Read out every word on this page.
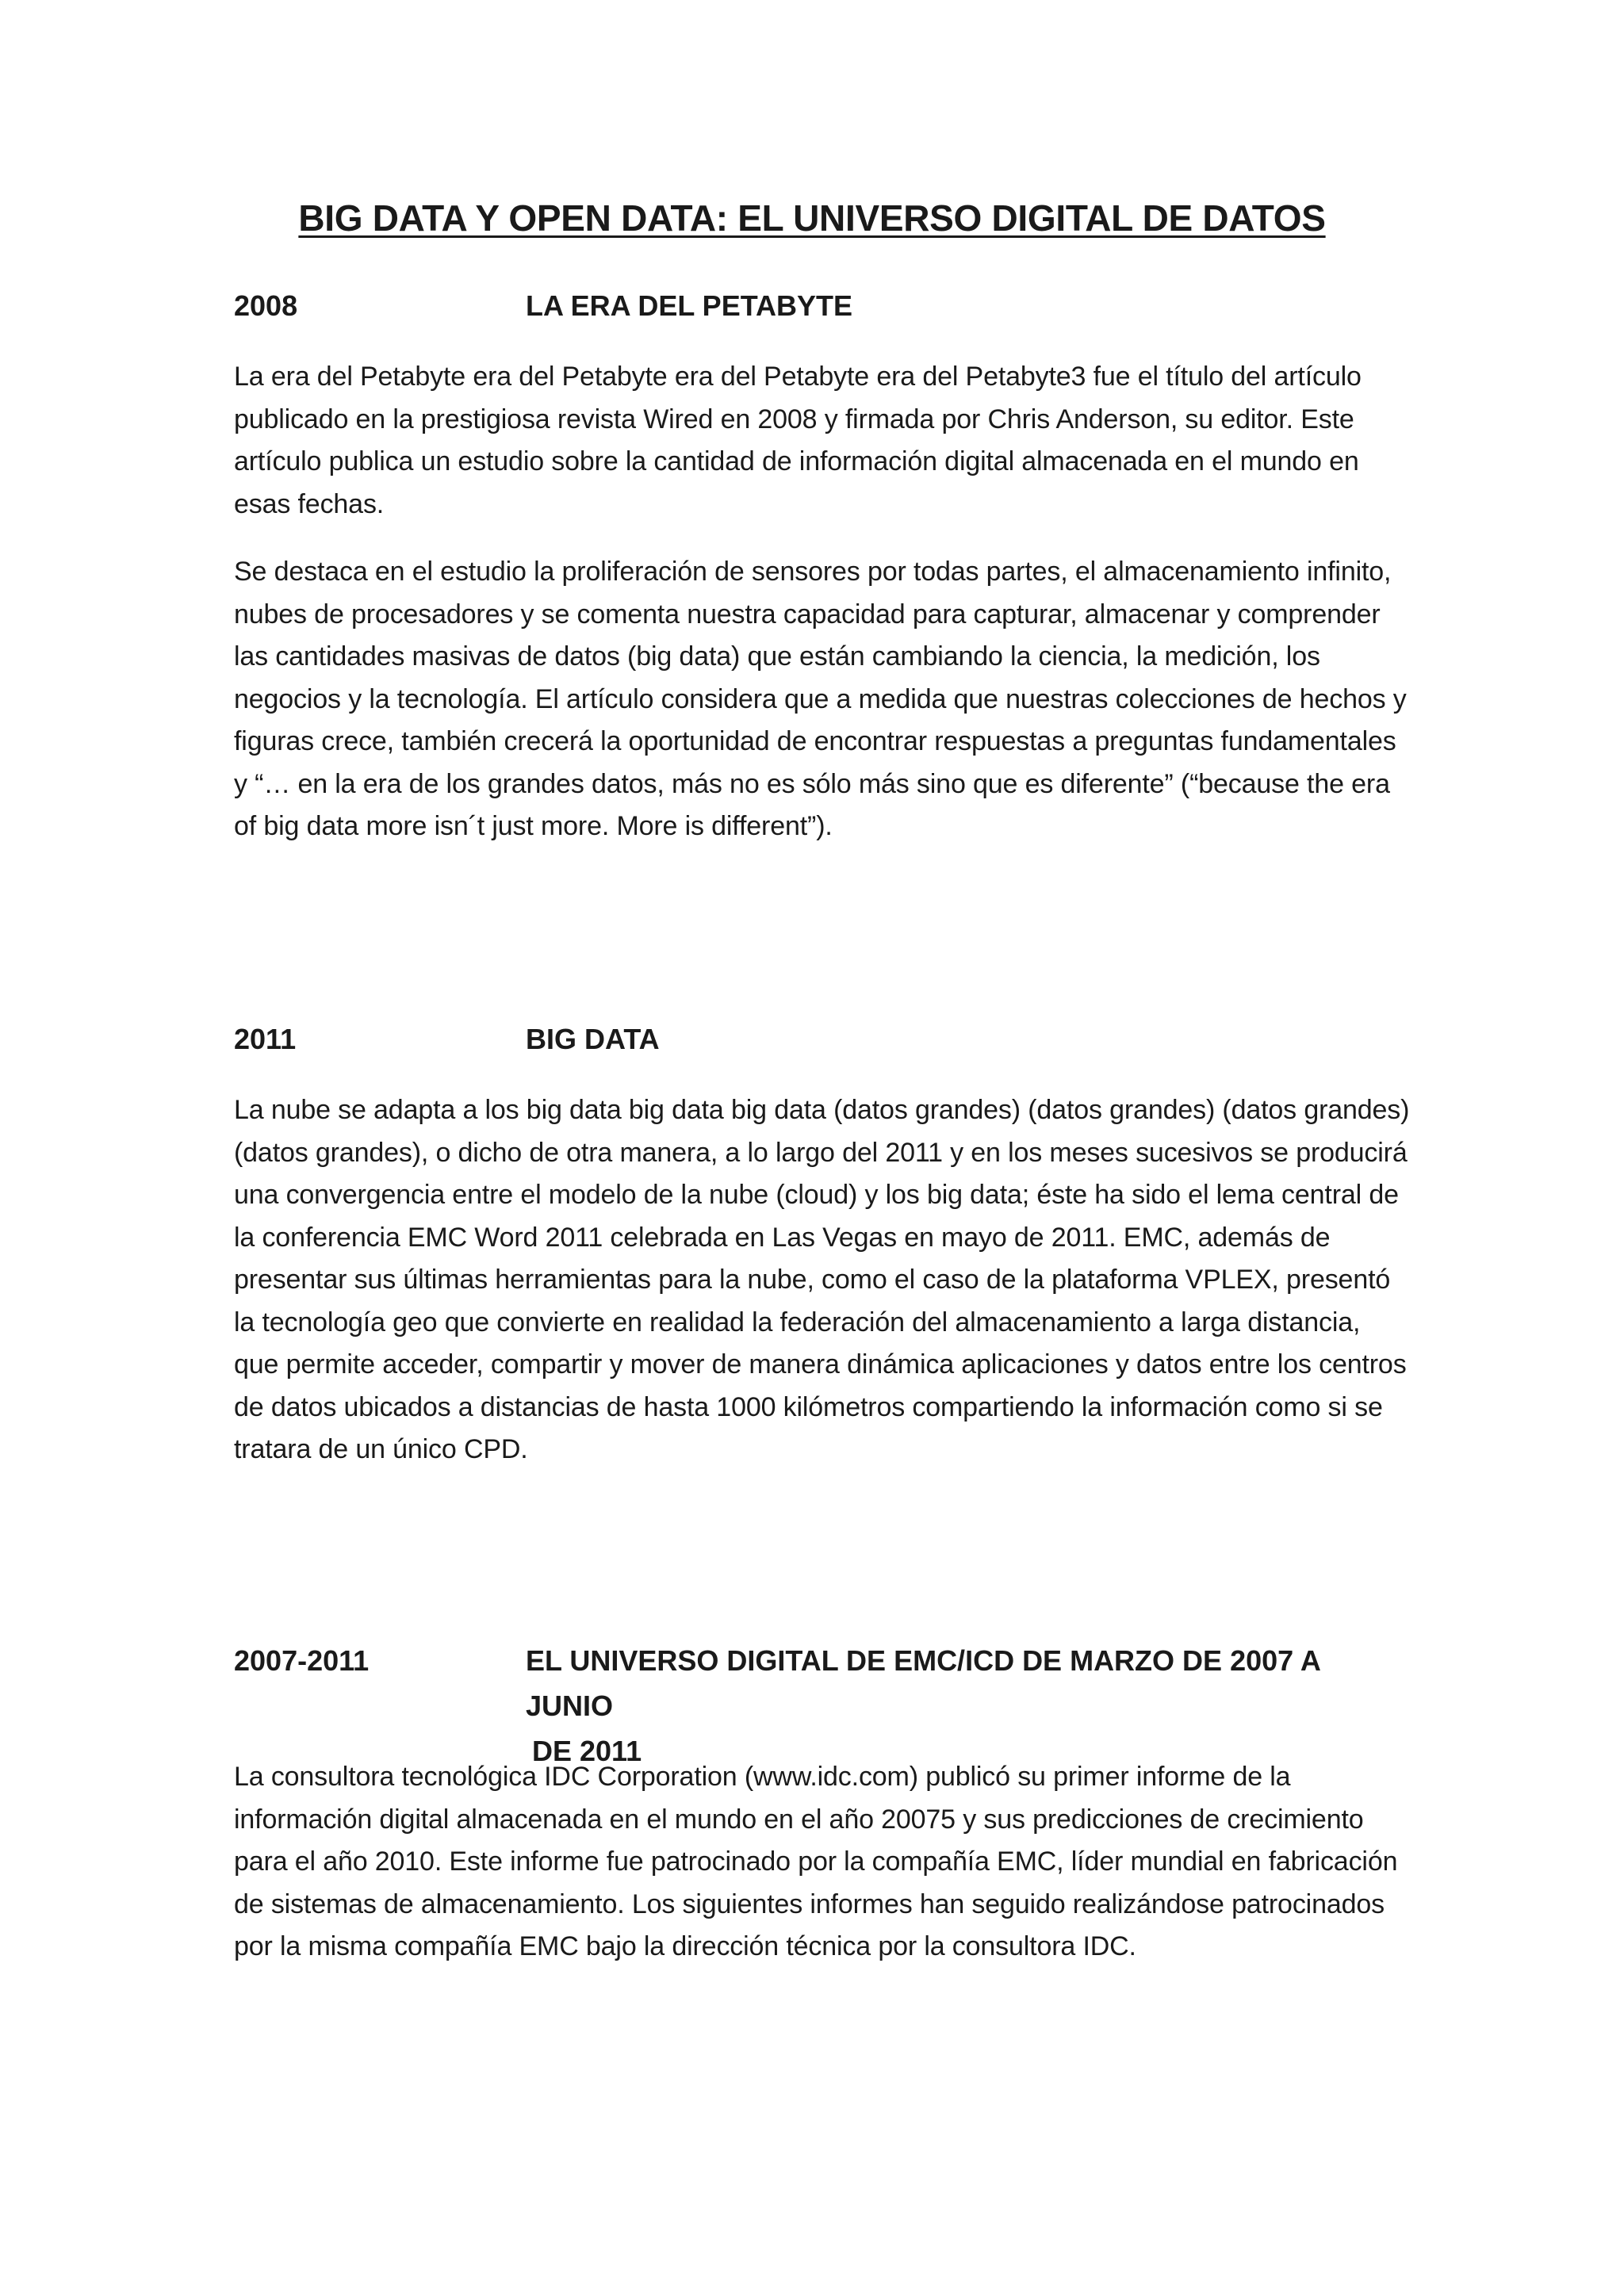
BIG DATA Y OPEN DATA: EL UNIVERSO DIGITAL DE DATOS
2008	LA ERA DEL PETABYTE

La era del Petabyte era del Petabyte era del Petabyte era del Petabyte3 fue el título del artículo publicado en la prestigiosa revista Wired en 2008 y firmada por Chris Anderson, su editor. Este artículo publica un estudio sobre la cantidad de información digital almacenada en el mundo en esas fechas.

Se destaca en el estudio la proliferación de sensores por todas partes, el almacenamiento infinito, nubes de procesadores y se comenta nuestra capacidad para capturar, almacenar y comprender las cantidades masivas de datos (big data) que están cambiando la ciencia, la medición, los negocios y la tecnología. El artículo considera que a medida que nuestras colecciones de hechos y figuras crece, también crecerá la oportunidad de encontrar respuestas a preguntas fundamentales y “… en la era de los grandes datos, más no es sólo más sino que es diferente” (“because the era of big data more isn´t just more. More is different”).

2011	BIG DATA

La nube se adapta a los big data big data big data (datos grandes) (datos grandes) (datos grandes) (datos grandes), o dicho de otra manera, a lo largo del 2011 y en los meses sucesivos se producirá una convergencia entre el modelo de la nube (cloud) y los big data; éste ha sido el lema central de la conferencia EMC Word 2011 celebrada en Las Vegas en mayo de 2011. EMC, además de presentar sus últimas herramientas para la nube, como el caso de la plataforma VPLEX, presentó la tecnología geo que convierte en realidad la federación del almacenamiento a larga distancia, que permite acceder, compartir y mover de manera dinámica aplicaciones y datos entre los centros de datos ubicados a distancias de hasta 1000 kilómetros compartiendo la información como si se tratara de un único CPD.

2007-2011	EL UNIVERSO DIGITAL DE EMC/ICD DE MARZO DE 2007 A JUNIO
DE 2011

La consultora tecnológica IDC Corporation (www.idc.com) publicó su primer informe de la información digital almacenada en el mundo en el año 20075 y sus predicciones de crecimiento para el año 2010. Este informe fue patrocinado por la compañía EMC, líder mundial en fabricación de sistemas de almacenamiento. Los siguientes informes han seguido realizándose patrocinados por la misma compañía EMC bajo la dirección técnica por la consultora IDC.
